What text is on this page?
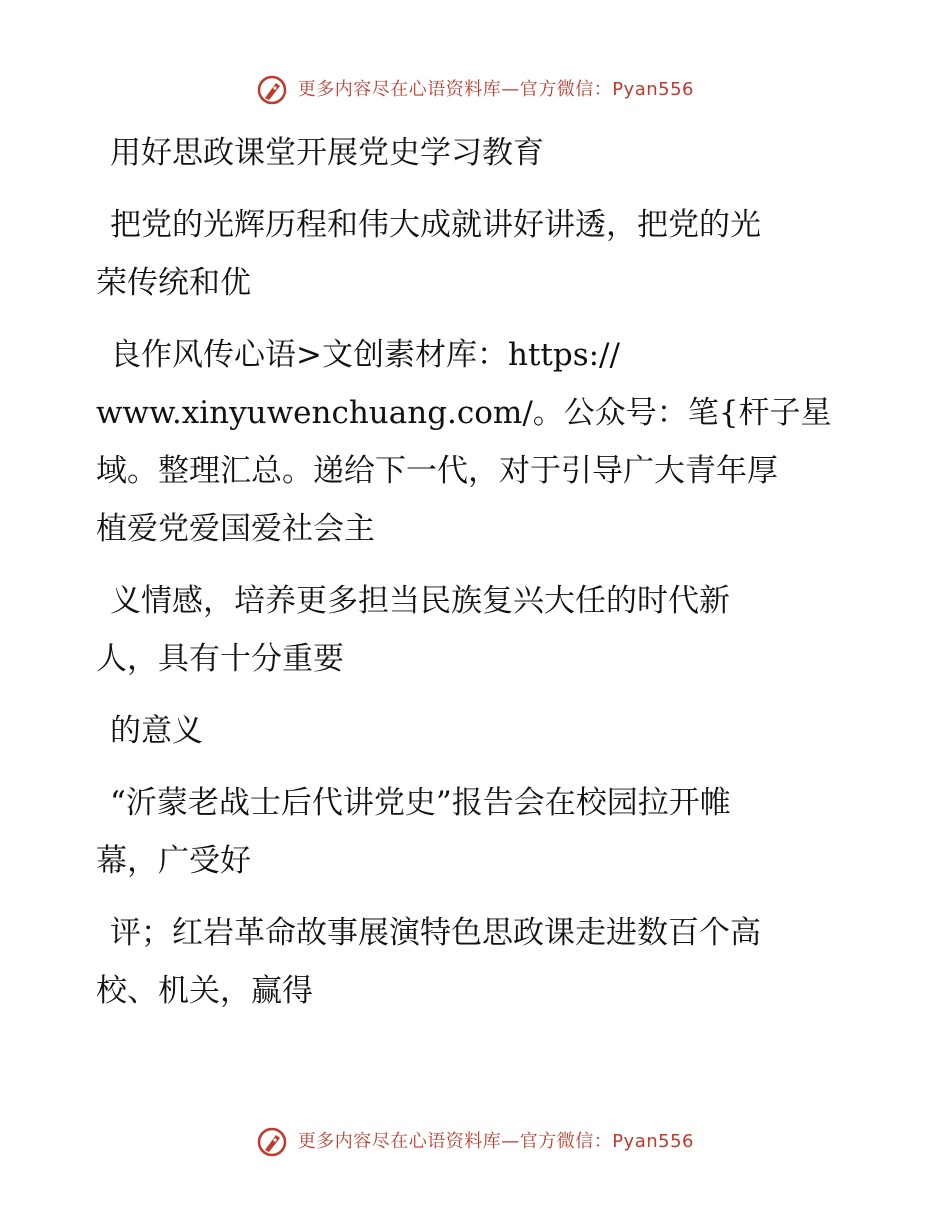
更多内容尽在心语资料库—官方微信：Pyan556
用好思政课堂开展党史学习教育
把党的光辉历程和伟大成就讲好讲透，把党的光
荣传统和优
良作风传心语>文创素材库：https://
www.xinyuwenchuang.com/。公众号：笔{杆子星
域。整理汇总。递给下一代，对于引导广大青年厚
植爱党爱国爱社会主
义情感，培养更多担当民族复兴大任的时代新
人，具有十分重要
的意义
“沂蒙老战士后代讲党史”报告会在校园拉开帷
幕，广受好
评；红岩革命故事展演特色思政课走进数百个高
校、机关，赢得
更多内容尽在心语资料库—官方微信：Pyan556
